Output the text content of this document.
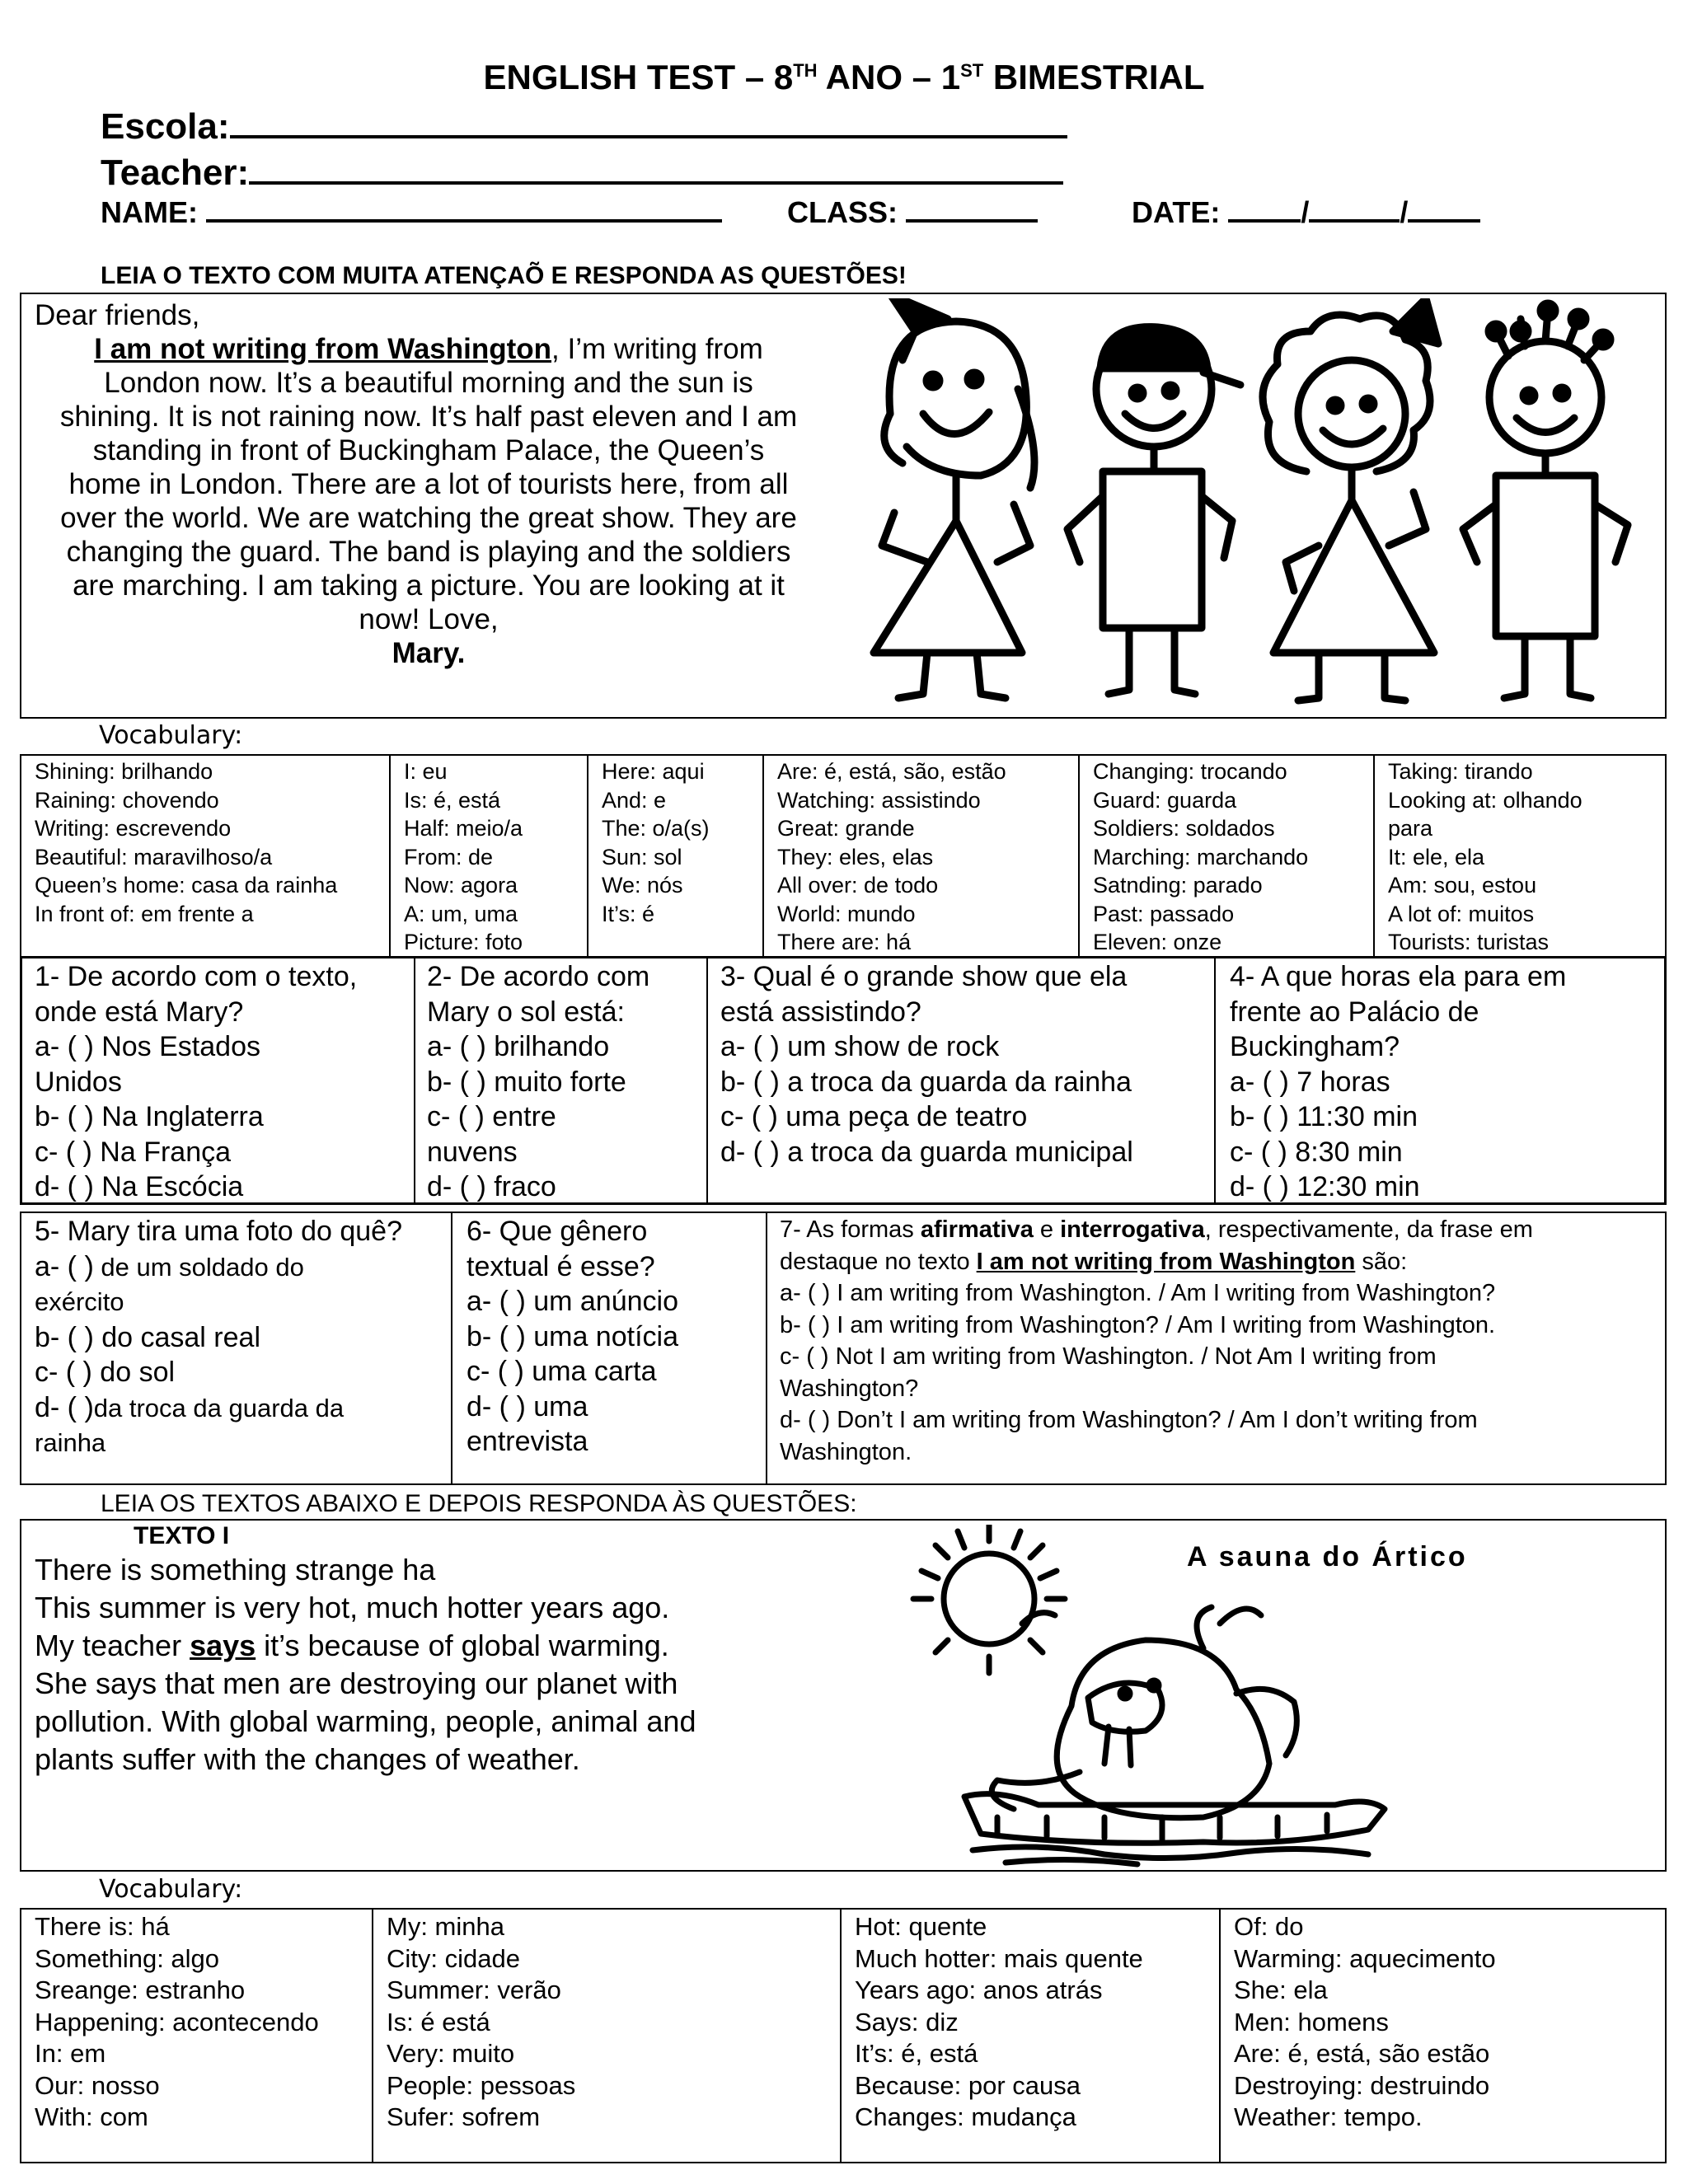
ENGLISH TEST – 8TH ANO – 1ST BIMESTRIAL
Escola:
Teacher:
NAME:	CLASS:	DATE:	/	/
LEIA O TEXTO COM MUITA ATENÇAÕ E RESPONDA AS QUESTÕES!
Dear friends,
I am not writing from Washington, I’m writing from
London now. It’s a beautiful morning and the sun is
shining. It is not raining now. It’s half past eleven and I am
standing in front of Buckingham Palace, the Queen’s
home in London. There are a lot of tourists here, from all
over the world. We are watching the great show. They are
changing the guard. The band is playing and the soldiers
are marching. I am taking a picture. You are looking at it
now! Love,
Mary.
Vocabulary:
Shining: brilhando
Raining: chovendo
Writing: escrevendo
Beautiful: maravilhoso/a
Queen’s home: casa da rainha
In front of: em frente a

I: eu
Is: é, está
Half: meio/a
From: de
Now: agora
A: um, uma
Picture: foto

Here: aqui
And: e
The: o/a(s)
Sun: sol
We: nós
It’s: é

Are: é, está, são, estão
Watching: assistindo
Great: grande
They: eles, elas
All over: de todo
World: mundo
There are: há

Changing: trocando
Guard: guarda
Soldiers: soldados
Marching: marchando
Satnding: parado
Past: passado
Eleven: onze

Taking: tirando
Looking at: olhando
para
It: ele, ela
Am: sou, estou
A lot of: muitos
Tourists: turistas
1- De acordo com o texto,
onde está Mary?
a- ( ) Nos Estados
Unidos
b- ( ) Na Inglaterra
c- ( ) Na França
d- ( ) Na Escócia
2- De acordo com
Mary o sol está:
a- ( ) brilhando
b- ( ) muito forte
c- ( ) entre
nuvens
d- ( ) fraco
3- Qual é o grande show que ela
está assistindo?
a- ( ) um show de rock
b- ( ) a troca da guarda da rainha
c- ( ) uma peça de teatro
d- ( ) a troca da guarda municipal
4- A que horas ela para em
frente ao Palácio de
Buckingham?
a- ( ) 7 horas
b- ( ) 11:30 min
c- ( ) 8:30 min
d- ( ) 12:30 min
5- Mary tira uma foto do quê?
a- ( ) de um soldado do
exército
b- ( ) do casal real
c- ( ) do sol
d- ( )da troca da guarda da
rainha
6- Que gênero
textual é esse?
a- ( ) um anúncio
b- ( ) uma notícia
c- ( ) uma carta
d- ( ) uma
entrevista
7- As formas afirmativa e interrogativa, respectivamente, da frase em
destaque no texto I am not writing from Washington são:
a- ( ) I am writing from Washington. / Am I writing from Washington?
b- ( ) I am writing from Washington? / Am I writing from Washington.
c- ( ) Not I am writing from Washington. / Not Am I writing from
Washington?
d- ( ) Don’t I am writing from Washington? / Am I don’t writing from
Washington.
LEIA OS TEXTOS ABAIXO E DEPOIS RESPONDA ÀS QUESTÕES:
TEXTO I
There is something strange ha
This summer is very hot, much hotter years ago.
My teacher says it’s because of global warming.
She says that men are destroying our planet with
pollution. With global warming, people, animal and
plants suffer with the changes of weather.
A sauna do Ártico
Vocabulary:
There is: há
Something: algo
Sreange: estranho
Happening: acontecendo
In: em
Our: nosso
With: com

My: minha
City: cidade
Summer: verão
Is: é está
Very: muito
People: pessoas
Sufer: sofrem

Hot: quente
Much hotter: mais quente
Years ago: anos atrás
Says: diz
It’s: é, está
Because: por causa
Changes: mudança

Of: do
Warming: aquecimento
She: ela
Men: homens
Are: é, está, são estão
Destroying: destruindo
Weather: tempo.
